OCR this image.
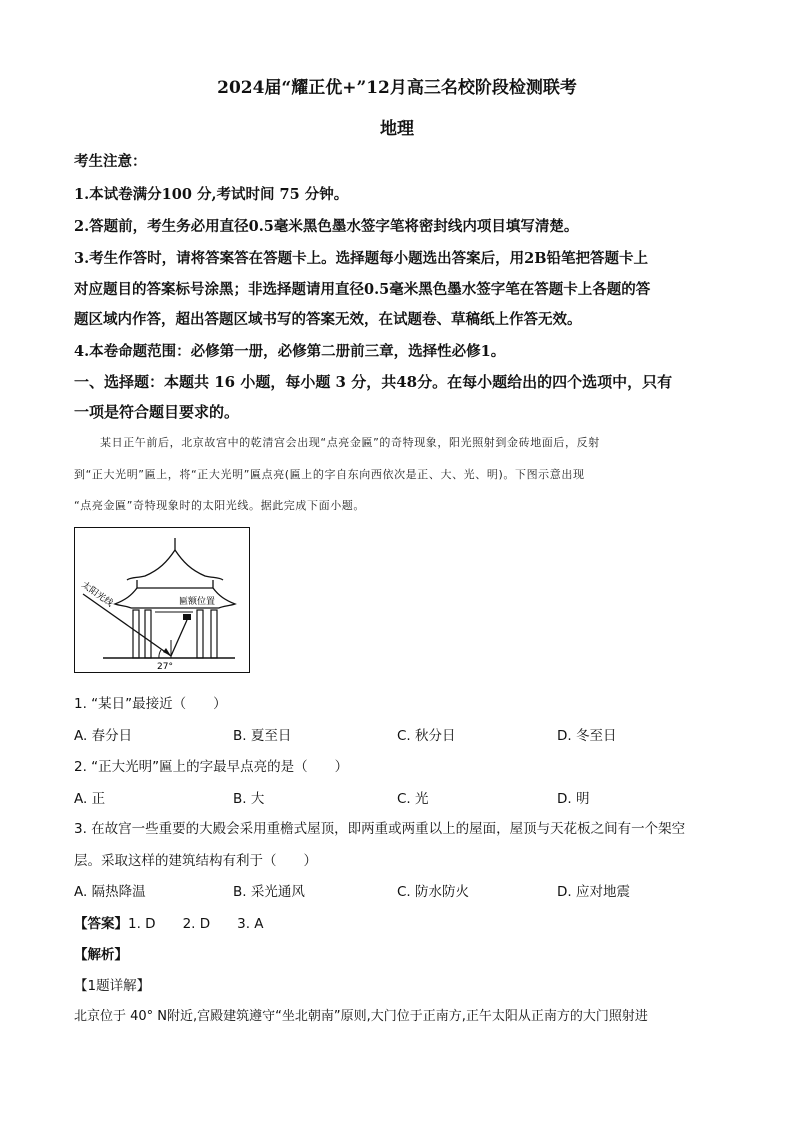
2024届“耀正优+”12月高三名校阶段检测联考
地理
考生注意：
1.本试卷满分100 分,考试时间 75 分钟。
2.答题前，考生务必用直径0.5毫米黑色墨水签字笔将密封线内项目填写清楚。
3.考生作答时，请将答案答在答题卡上。选择题每小题选出答案后，用2B铅笔把答题卡上
对应题目的答案标号涂黑；非选择题请用直径0.5毫米黑色墨水签字笔在答题卡上各题的答
题区域内作答，超出答题区域书写的答案无效，在试题卷、草稿纸上作答无效。
4.本卷命题范围：必修第一册，必修第二册前三章，选择性必修1。
一、选择题：本题共 16 小题，每小题 3 分，共48分。在每小题给出的四个选项中，只有
一项是符合题目要求的。
某日正午前后，北京故宫中的乾清宫会出现“点亮金匾”的奇特现象，阳光照射到金砖地面后，反射
到“正大光明”匾上，将“正大光明”匾点亮(匾上的字自东向西依次是正、大、光、明)。下图示意出现
“点亮金匾”奇特现象时的太阳光线。据此完成下面小题。
太阳光线	匾额位置
27°
1. “某日”最接近（　　）
A. 春分日	B. 夏至日	C. 秋分日	D. 冬至日
2. “正大光明”匾上的字最早点亮的是（　　）
A. 正	B. 大	C. 光	D. 明
3. 在故宫一些重要的大殿会采用重檐式屋顶，即两重或两重以上的屋面，屋顶与天花板之间有一个架空
层。采取这样的建筑结构有利于（　　）
A. 隔热降温	B. 采光通风	C. 防水防火	D. 应对地震
【答案】1. D　　2. D　　3. A
【解析】
【1题详解】
北京位于 40° N附近,宫殿建筑遵守“坐北朝南”原则,大门位于正南方,正午太阳从正南方的大门照射进
